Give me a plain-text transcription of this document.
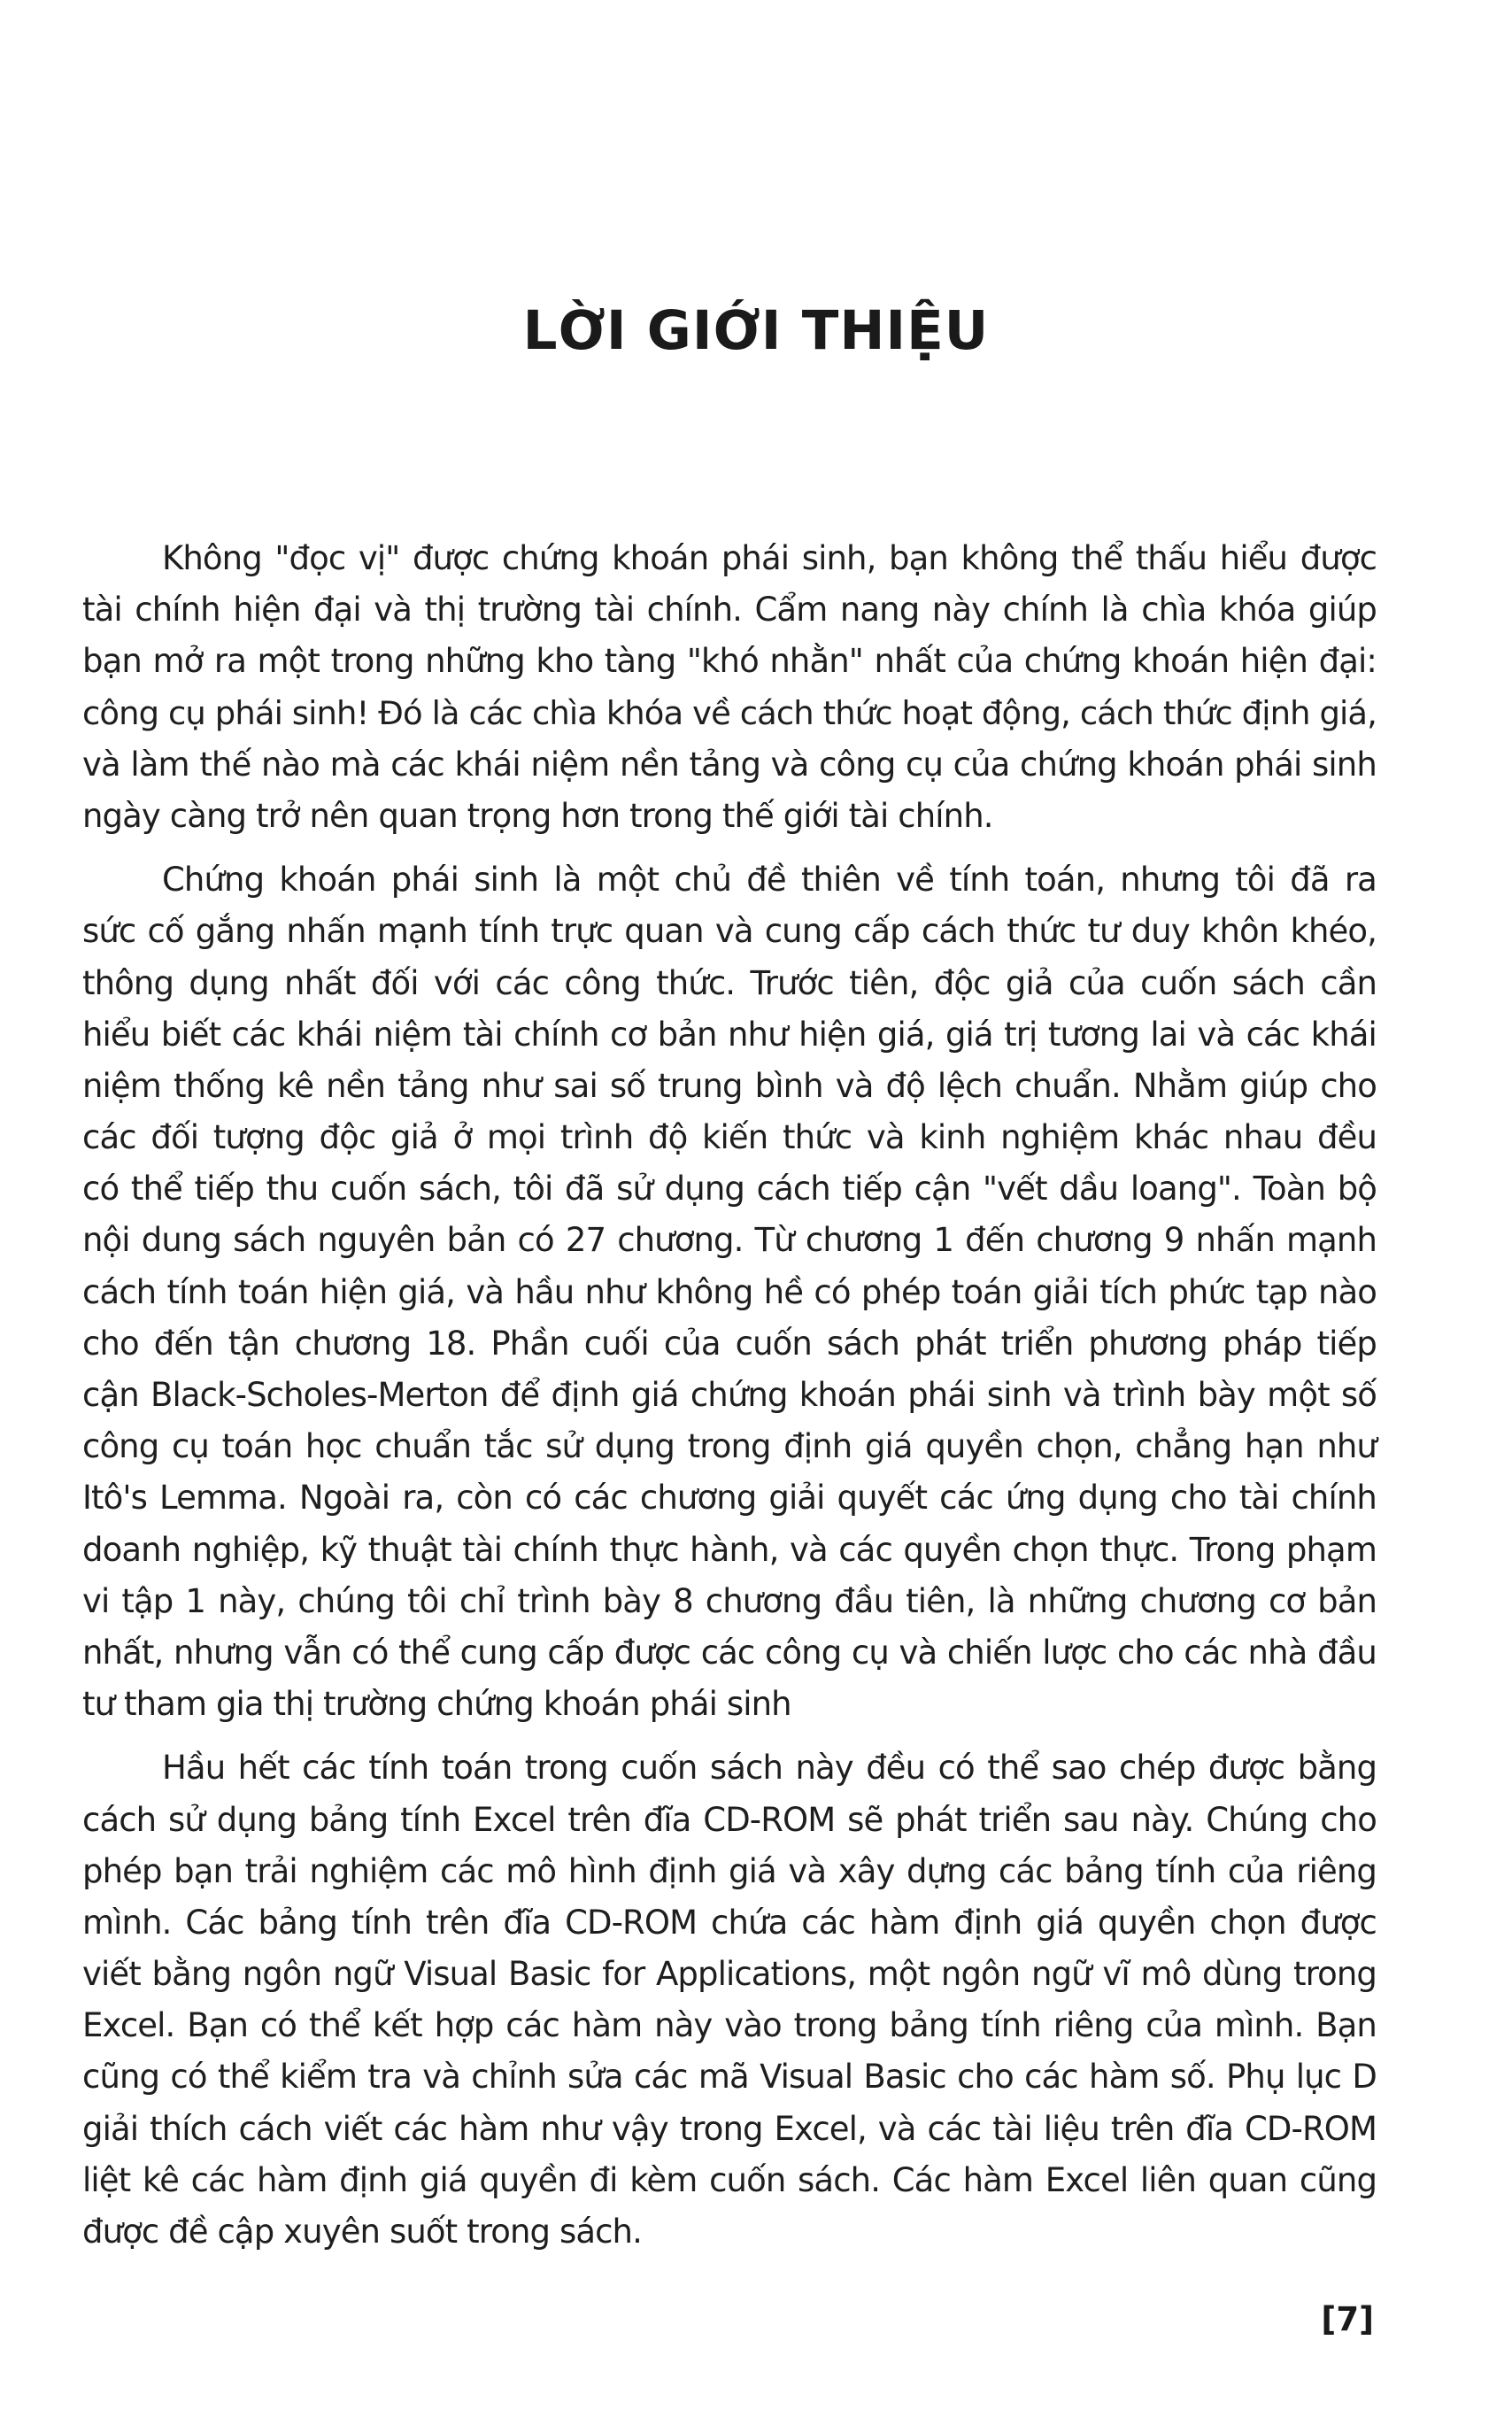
LỜI GIỚI THIỆU
Không "đọc vị" được chứng khoán phái sinh, bạn không thể thấu hiểu được
tài chính hiện đại và thị trường tài chính. Cẩm nang này chính là chìa khóa giúp
bạn mở ra một trong những kho tàng "khó nhằn" nhất của chứng khoán hiện đại:
công cụ phái sinh! Đó là các chìa khóa về cách thức hoạt động, cách thức định giá,
và làm thế nào mà các khái niệm nền tảng và công cụ của chứng khoán phái sinh
ngày càng trở nên quan trọng hơn trong thế giới tài chính.
Chứng khoán phái sinh là một chủ đề thiên về tính toán, nhưng tôi đã ra
sức cố gắng nhấn mạnh tính trực quan và cung cấp cách thức tư duy khôn khéo,
thông dụng nhất đối với các công thức. Trước tiên, độc giả của cuốn sách cần
hiểu biết các khái niệm tài chính cơ bản như hiện giá, giá trị tương lai và các khái
niệm thống kê nền tảng như sai số trung bình và độ lệch chuẩn. Nhằm giúp cho
các đối tượng độc giả ở mọi trình độ kiến thức và kinh nghiệm khác nhau đều
có thể tiếp thu cuốn sách, tôi đã sử dụng cách tiếp cận "vết dầu loang". Toàn bộ
nội dung sách nguyên bản có 27 chương. Từ chương 1 đến chương 9 nhấn mạnh
cách tính toán hiện giá, và hầu như không hề có phép toán giải tích phức tạp nào
cho đến tận chương 18. Phần cuối của cuốn sách phát triển phương pháp tiếp
cận Black-Scholes-Merton để định giá chứng khoán phái sinh và trình bày một số
công cụ toán học chuẩn tắc sử dụng trong định giá quyền chọn, chẳng hạn như
Itô's Lemma. Ngoài ra, còn có các chương giải quyết các ứng dụng cho tài chính
doanh nghiệp, kỹ thuật tài chính thực hành, và các quyền chọn thực. Trong phạm
vi tập 1 này, chúng tôi chỉ trình bày 8 chương đầu tiên, là những chương cơ bản
nhất, nhưng vẫn có thể cung cấp được các công cụ và chiến lược cho các nhà đầu
tư tham gia thị trường chứng khoán phái sinh
Hầu hết các tính toán trong cuốn sách này đều có thể sao chép được bằng
cách sử dụng bảng tính Excel trên đĩa CD-ROM sẽ phát triển sau này. Chúng cho
phép bạn trải nghiệm các mô hình định giá và xây dựng các bảng tính của riêng
mình. Các bảng tính trên đĩa CD-ROM chứa các hàm định giá quyền chọn được
viết bằng ngôn ngữ Visual Basic for Applications, một ngôn ngữ vĩ mô dùng trong
Excel. Bạn có thể kết hợp các hàm này vào trong bảng tính riêng của mình. Bạn
cũng có thể kiểm tra và chỉnh sửa các mã Visual Basic cho các hàm số. Phụ lục D
giải thích cách viết các hàm như vậy trong Excel, và các tài liệu trên đĩa CD-ROM
liệt kê các hàm định giá quyền đi kèm cuốn sách. Các hàm Excel liên quan cũng
được đề cập xuyên suốt trong sách.
[7]
